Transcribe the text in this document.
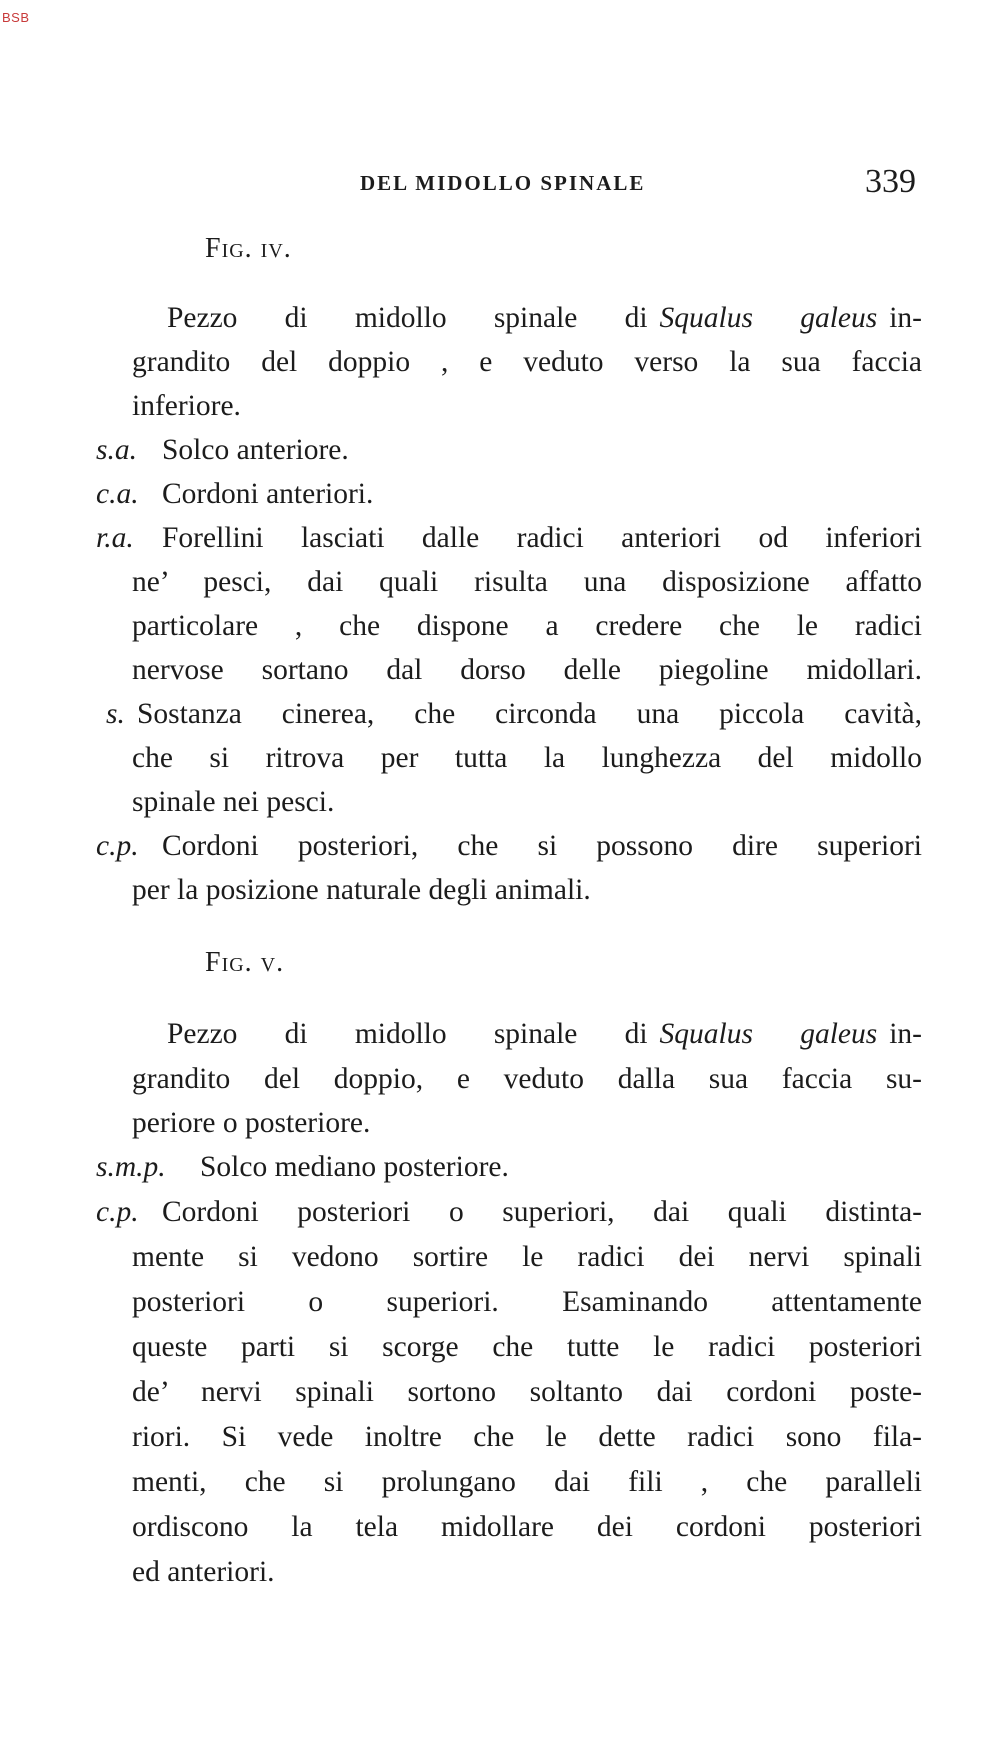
BSB
DEL MIDOLLO SPINALE	339
Fig. iv.
Pezzo di midollo spinale di Squalus galeus in-
grandito del doppio , e veduto verso la sua faccia
inferiore.
s.a. Solco anteriore.
c.a. Cordoni anteriori.
r.a. Forellini lasciati dalle radici anteriori od inferiori
ne’ pesci, dai quali risulta una disposizione affatto
particolare , che dispone a credere che le radici
nervose sortano dal dorso delle piegoline midollari.
s. Sostanza cinerea, che circonda una piccola cavità,
che si ritrova per tutta la lunghezza del midollo
spinale nei pesci.
c.p. Cordoni posteriori, che si possono dire superiori
per la posizione naturale degli animali.
Fig. v.
Pezzo di midollo spinale di Squalus galeus in-
grandito del doppio, e veduto dalla sua faccia su-
periore o posteriore.
s.m.p. Solco mediano posteriore.
c.p. Cordoni posteriori o superiori, dai quali distinta-
mente si vedono sortire le radici dei nervi spinali
posteriori o superiori. Esaminando attentamente
queste parti si scorge che tutte le radici posteriori
de’ nervi spinali sortono soltanto dai cordoni poste-
riori. Si vede inoltre che le dette radici sono fila-
menti, che si prolungano dai fili , che paralleli
ordiscono la tela midollare dei cordoni posteriori
ed anteriori.
